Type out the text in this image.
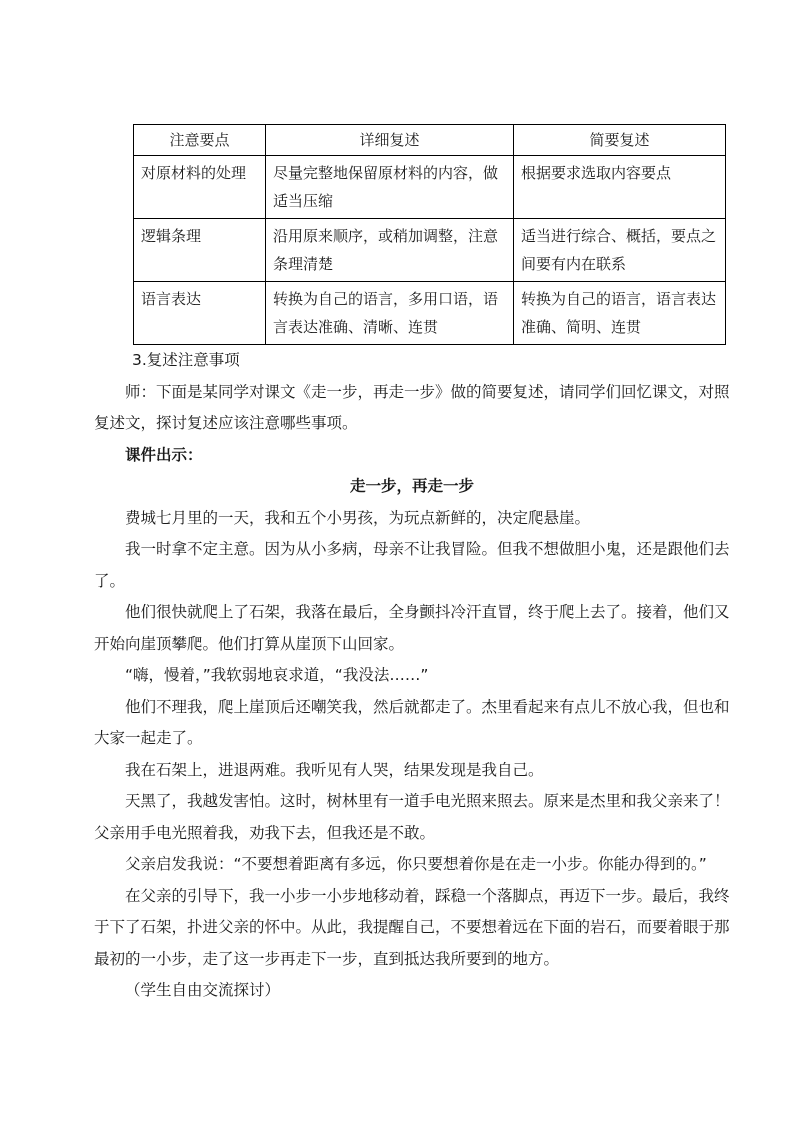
注意要点	详细复述	简要复述
对原材料的处理	尽量完整地保留原材料的内容，做适当压缩	根据要求选取内容要点
逻辑条理	沿用原来顺序，或稍加调整，注意条理清楚	适当进行综合、概括，要点之间要有内在联系
语言表达	转换为自己的语言，多用口语，语言表达准确、清晰、连贯	转换为自己的语言，语言表达准确、简明、连贯

3.复述注意事项

师：下面是某同学对课文《走一步，再走一步》做的简要复述，请同学们回忆课文，对照复述文，探讨复述应该注意哪些事项。

课件出示：

走一步，再走一步

费城七月里的一天，我和五个小男孩，为玩点新鲜的，决定爬悬崖。

我一时拿不定主意。因为从小多病，母亲不让我冒险。但我不想做胆小鬼，还是跟他们去了。

他们很快就爬上了石架，我落在最后，全身颤抖冷汗直冒，终于爬上去了。接着，他们又开始向崖顶攀爬。他们打算从崖顶下山回家。

“嗨，慢着，”我软弱地哀求道，“我没法……”

他们不理我，爬上崖顶后还嘲笑我，然后就都走了。杰里看起来有点儿不放心我，但也和大家一起走了。

我在石架上，进退两难。我听见有人哭，结果发现是我自己。

天黑了，我越发害怕。这时，树林里有一道手电光照来照去。原来是杰里和我父亲来了！父亲用手电光照着我，劝我下去，但我还是不敢。

父亲启发我说：“不要想着距离有多远，你只要想着你是在走一小步。你能办得到的。”

在父亲的引导下，我一小步一小步地移动着，踩稳一个落脚点，再迈下一步。最后，我终于下了石架，扑进父亲的怀中。从此，我提醒自己，不要想着远在下面的岩石，而要着眼于那最初的一小步，走了这一步再走下一步，直到抵达我所要到的地方。

（学生自由交流探讨）
